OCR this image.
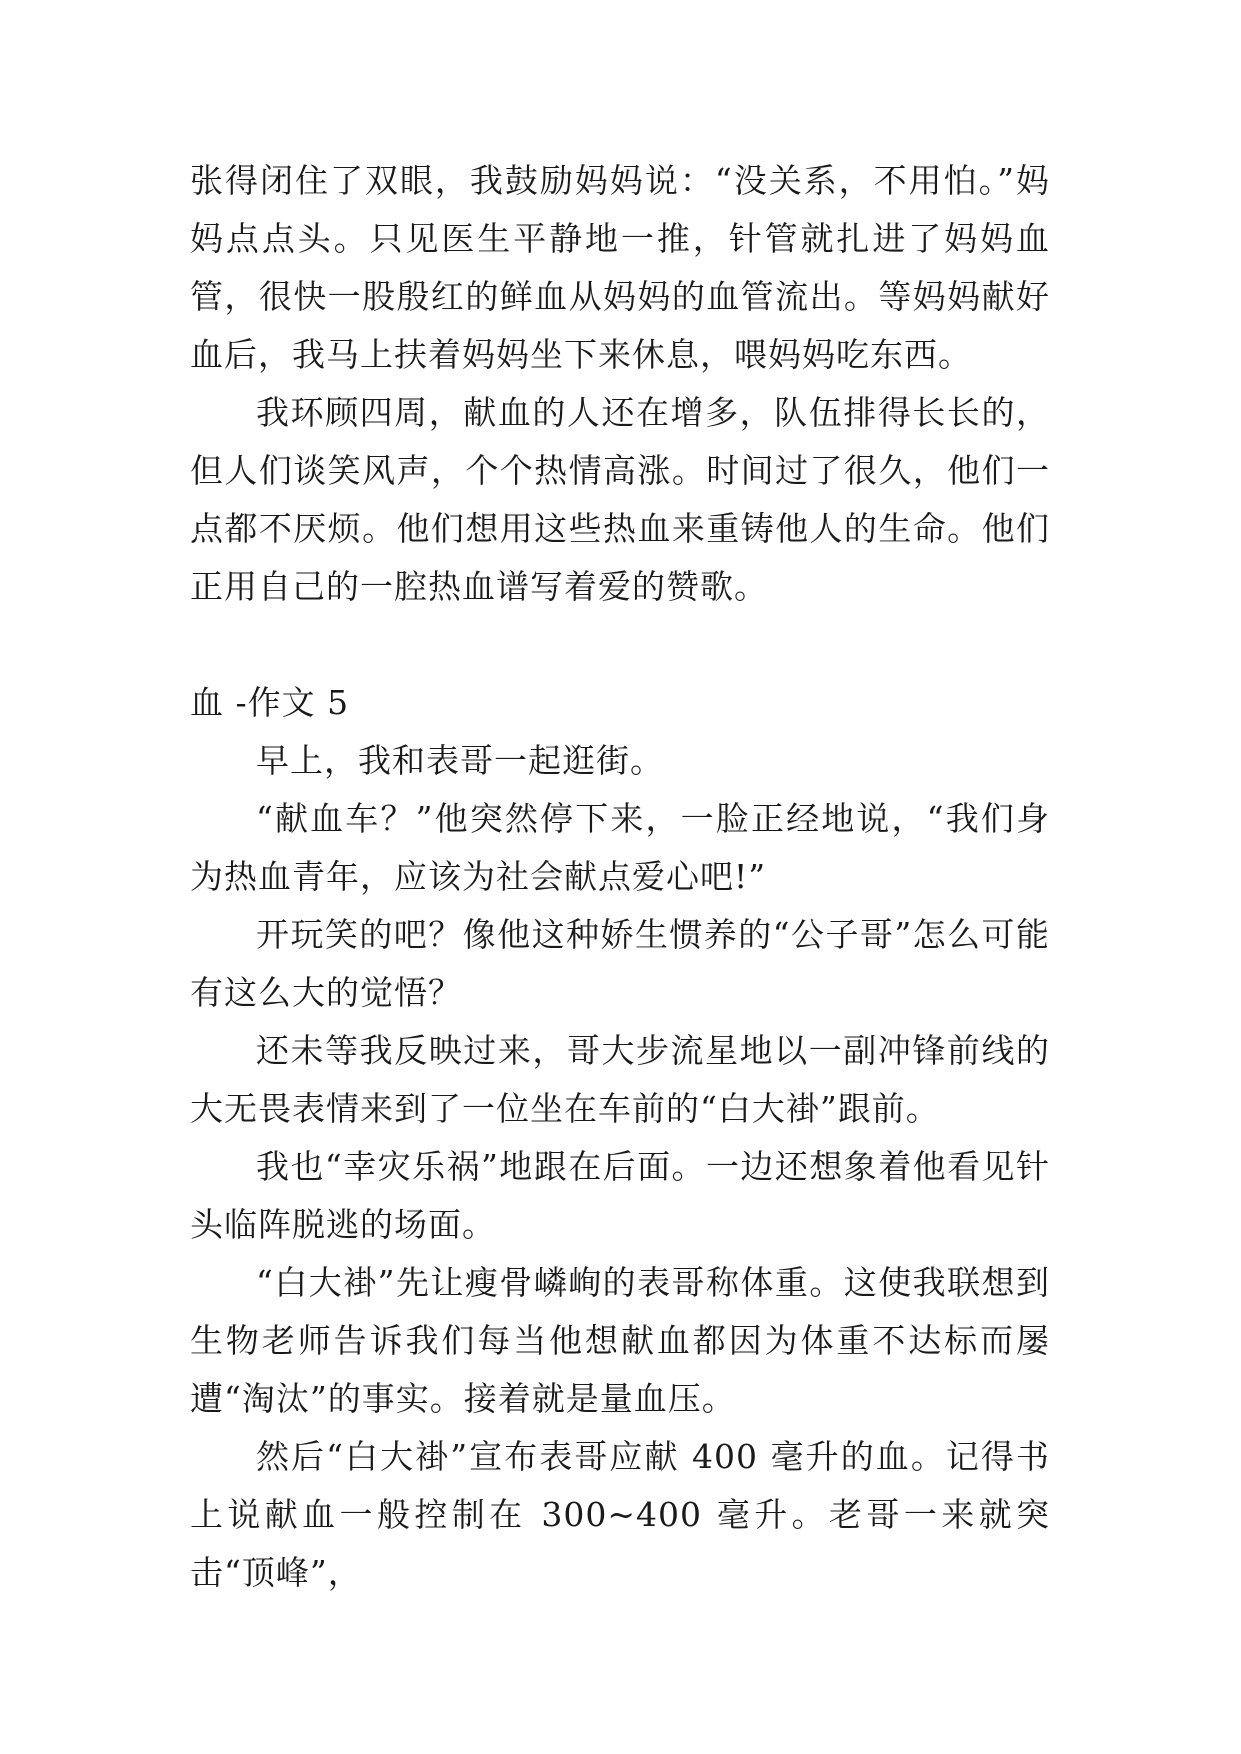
张得闭住了双眼，我鼓励妈妈说：“没关系，不用怕。”妈妈点点头。只见医生平静地一推，针管就扎进了妈妈血管，很快一股殷红的鲜血从妈妈的血管流出。等妈妈献好血后，我马上扶着妈妈坐下来休息，喂妈妈吃东西。

我环顾四周，献血的人还在增多，队伍排得长长的，但人们谈笑风声，个个热情高涨。时间过了很久，他们一点都不厌烦。他们想用这些热血来重铸他人的生命。他们正用自己的一腔热血谱写着爱的赞歌。

血 -作文 5

早上，我和表哥一起逛街。

“献血车？”他突然停下来，一脸正经地说，“我们身为热血青年，应该为社会献点爱心吧!”

开玩笑的吧？像他这种娇生惯养的“公子哥”怎么可能有这么大的觉悟？

还未等我反映过来，哥大步流星地以一副冲锋前线的大无畏表情来到了一位坐在车前的“白大褂”跟前。

我也“幸灾乐祸”地跟在后面。一边还想象着他看见针头临阵脱逃的场面。

“白大褂”先让瘦骨嶙峋的表哥称体重。这使我联想到生物老师告诉我们每当他想献血都因为体重不达标而屡遭“淘汰”的事实。接着就是量血压。

然后“白大褂”宣布表哥应献 400 毫升的血。记得书上说献血一般控制在 300~400 毫升。老哥一来就突击“顶峰”，
